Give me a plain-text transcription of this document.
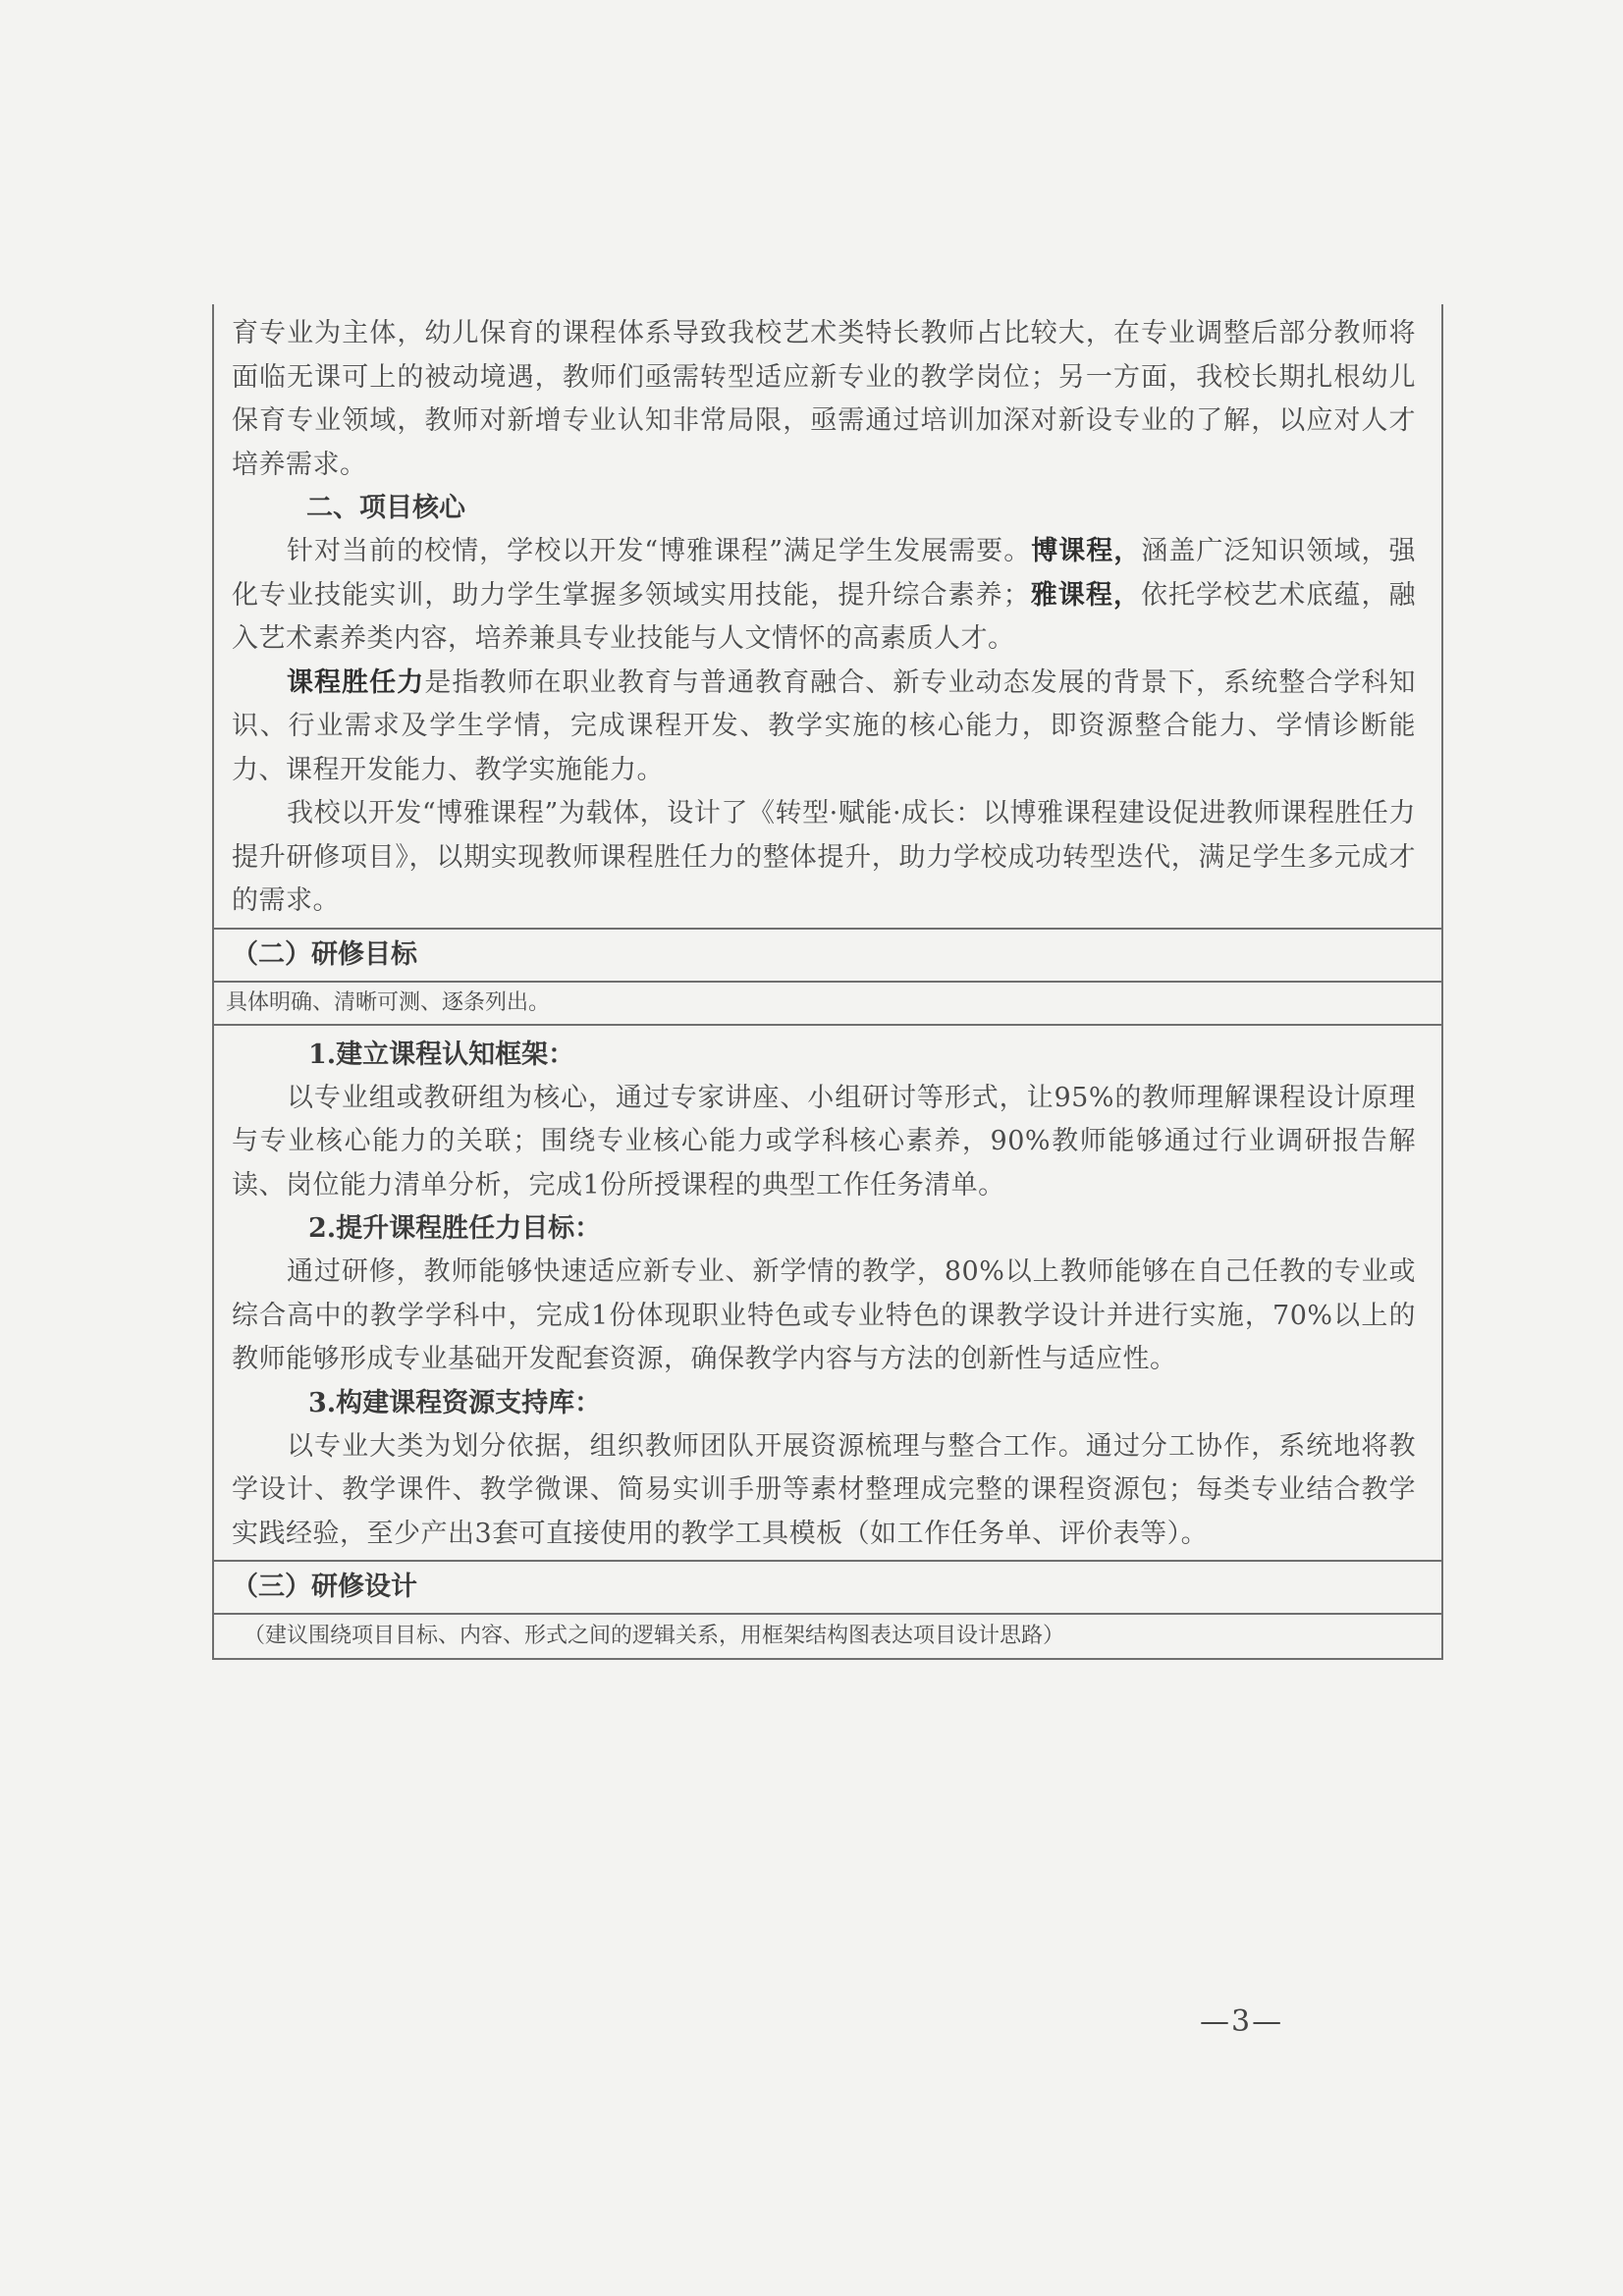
育专业为主体，幼儿保育的课程体系导致我校艺术类特长教师占比较大，在专业调整后部分教师将面临无课可上的被动境遇，教师们亟需转型适应新专业的教学岗位；另一方面，我校长期扎根幼儿保育专业领域，教师对新增专业认知非常局限，亟需通过培训加深对新设专业的了解，以应对人才培养需求。

二、项目核心

针对当前的校情，学校以开发“博雅课程”满足学生发展需要。博课程，涵盖广泛知识领域，强化专业技能实训，助力学生掌握多领域实用技能，提升综合素养；雅课程，依托学校艺术底蕴，融入艺术素养类内容，培养兼具专业技能与人文情怀的高素质人才。

课程胜任力是指教师在职业教育与普通教育融合、新专业动态发展的背景下，系统整合学科知识、行业需求及学生学情，完成课程开发、教学实施的核心能力，即资源整合能力、学情诊断能力、课程开发能力、教学实施能力。

我校以开发“博雅课程”为载体，设计了《转型·赋能·成长：以博雅课程建设促进教师课程胜任力提升研修项目》，以期实现教师课程胜任力的整体提升，助力学校成功转型迭代，满足学生多元成才的需求。

（二）研修目标
具体明确、清晰可测、逐条列出。
1.建立课程认知框架：

以专业组或教研组为核心，通过专家讲座、小组研讨等形式，让95%的教师理解课程设计原理与专业核心能力的关联；围绕专业核心能力或学科核心素养，90%教师能够通过行业调研报告解读、岗位能力清单分析，完成1份所授课程的典型工作任务清单。

2.提升课程胜任力目标：

通过研修，教师能够快速适应新专业、新学情的教学，80%以上教师能够在自己任教的专业或综合高中的教学学科中，完成1份体现职业特色或专业特色的课教学设计并进行实施，70%以上的教师能够形成专业基础开发配套资源，确保教学内容与方法的创新性与适应性。

3.构建课程资源支持库：

以专业大类为划分依据，组织教师团队开展资源梳理与整合工作。通过分工协作，系统地将教学设计、教学课件、教学微课、简易实训手册等素材整理成完整的课程资源包；每类专业结合教学实践经验，至少产出3套可直接使用的教学工具模板（如工作任务单、评价表等）。

（三）研修设计
（建议围绕项目目标、内容、形式之间的逻辑关系，用框架结构图表达项目设计思路）
—3—
